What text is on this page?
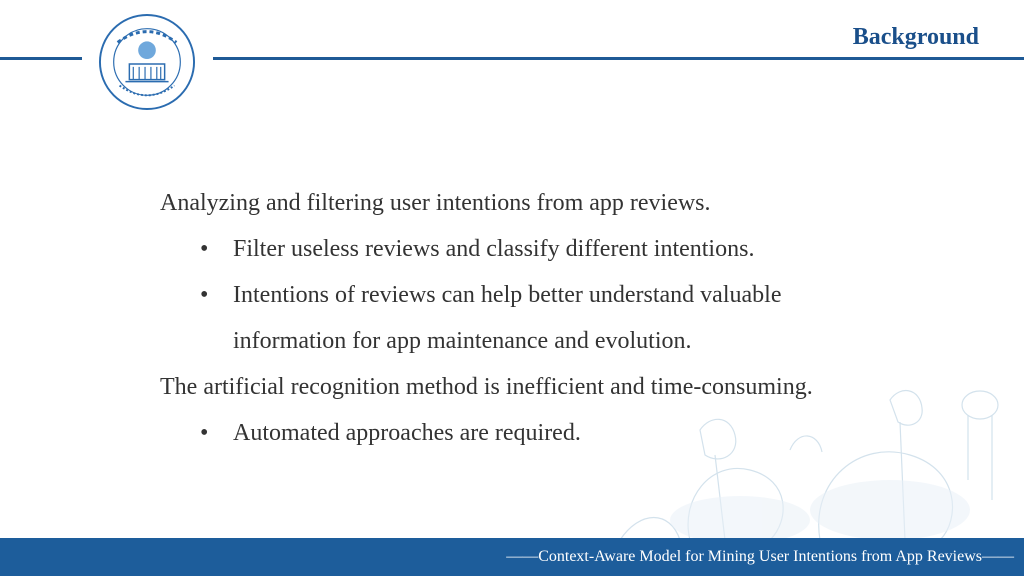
Background
Analyzing and filtering user intentions from app reviews.
• Filter useless reviews and classify different intentions.
• Intentions of reviews can help better understand valuable
information for app maintenance and evolution.
The artificial recognition method is inefficient and time-consuming.
• Automated approaches are required.
——Context-Aware Model for Mining User Intentions from App Reviews——
